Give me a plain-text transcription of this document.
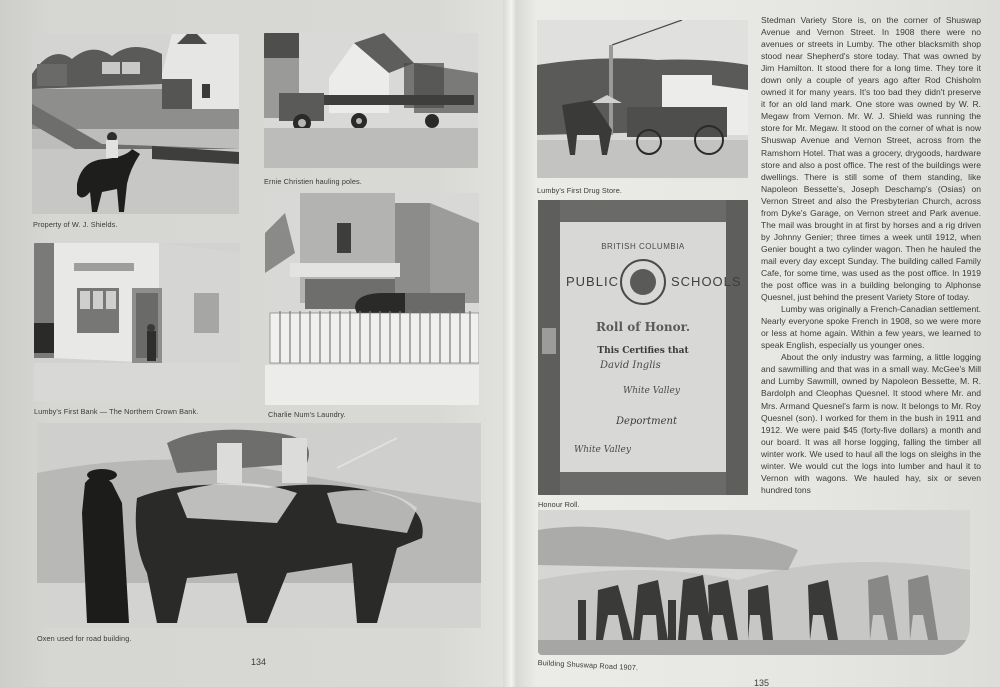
Property of W. J. Shields.
Ernie Christien hauling poles.
Lumby's First Bank — The Northern Crown Bank.	Charlie Num's Laundry.
Oxen used for road building.
134
Lumby's First Drug Store.
BRITISH COLUMBIA
PUBLIC	SCHOOLS
Roll of Honor.
This Certifies that
David Inglis
White Valley
Deportment
White Valley
Honour Roll.
Building Shuswap Road 1907.

Stedman Variety Store is, on the corner of Shuswap Avenue and Vernon Street. In 1908 there were no avenues or streets in Lumby. The other blacksmith shop stood near Shepherd's store today. That was owned by Jim Hamilton. It stood there for a long time. They tore it down only a couple of years ago after Rod Chisholm owned it for many years. It's too bad they didn't preserve it for an old land mark. One store was owned by W. R. Megaw from Vernon. Mr. W. J. Shield was running the store for Mr. Megaw. It stood on the corner of what is now Shuswap Avenue and Vernon Street, across from the Ramshorn Hotel. That was a grocery, drygoods, hardware store and also a post office. The rest of the buildings were dwellings. There is still some of them standing, like Napoleon Bessette's, Joseph Deschamp's (Osias) on Vernon Street and also the Presbyterian Church, across from Dyke's Garage, on Vernon street and Park avenue. The mail was brought in at first by horses and a rig driven by Johnny Genier; three times a week until 1912, when Genier bought a two cylinder wagon. Then he hauled the mail every day except Sunday. The building called Family Cafe, for some time, was used as the post office. In 1919 the post office was in a building belonging to Alphonse Quesnel, just behind the present Variety Store of today.

Lumby was originally a French-Canadian settlement. Nearly everyone spoke French in 1908, so we were more or less at home again. Within a few years, we learned to speak English, especially us younger ones.

About the only industry was farming, a little logging and sawmilling and that was in a small way. McGee's Mill and Lumby Sawmill, owned by Napoleon Bessette, M. R. Bardolph and Cleophas Quesnel. It stood where Mr. and Mrs. Armand Quesnel's farm is now. It belongs to Mr. Roy Quesnel (son). I worked for them in the bush in 1911 and 1912. We were paid $45 (forty-five dollars) a month and our board. It was all horse logging, falling the timber all winter work. We used to haul all the logs on sleighs in the winter. We would cut the logs into lumber and haul it to Vernon with wagons. We hauled hay, six or seven hundred tons

135
